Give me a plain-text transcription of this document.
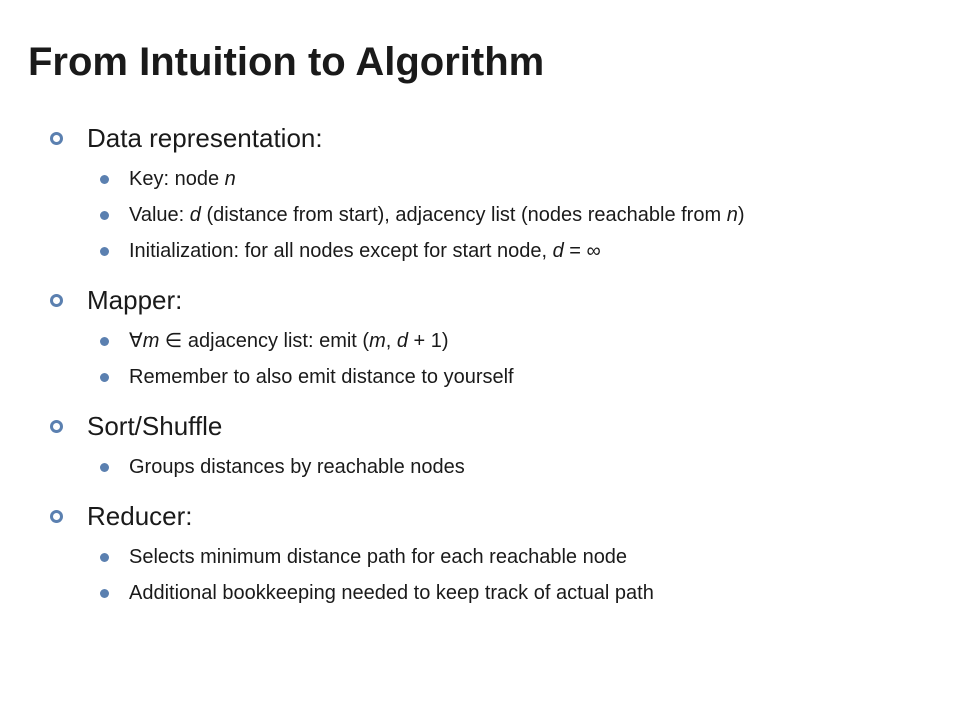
From Intuition to Algorithm
Data representation:
Key: node n
Value: d (distance from start), adjacency list (nodes reachable from n)
Initialization: for all nodes except for start node, d = ∞
Mapper:
∀m ∈ adjacency list: emit (m, d + 1)
Remember to also emit distance to yourself
Sort/Shuffle
Groups distances by reachable nodes
Reducer:
Selects minimum distance path for each reachable node
Additional bookkeeping needed to keep track of actual path
